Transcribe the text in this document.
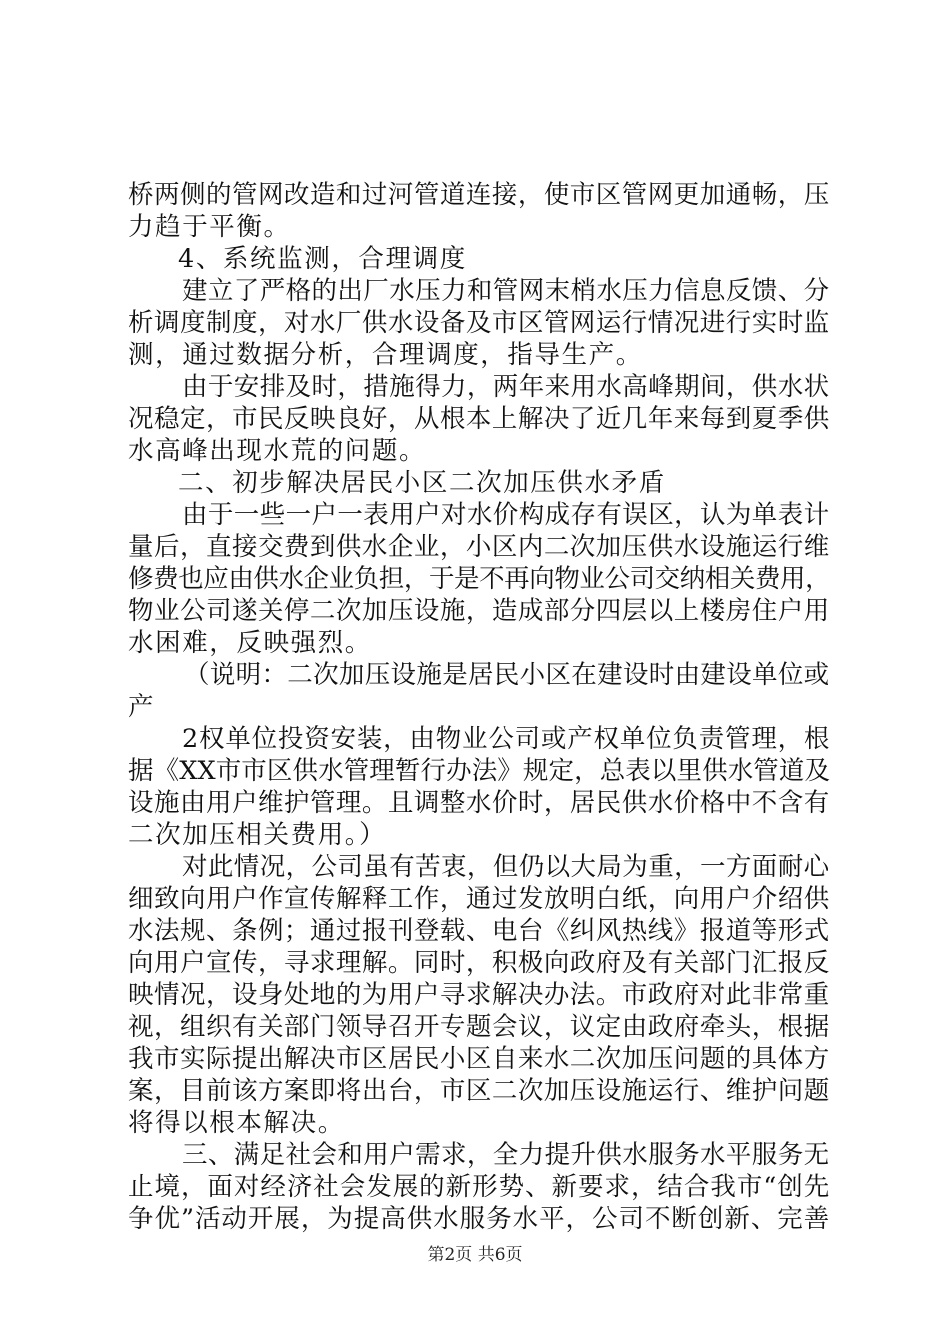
桥两侧的管网改造和过河管道连接，使市区管网更加通畅，压
力趋于平衡。
4、系统监测，合理调度
建立了严格的出厂水压力和管网末梢水压力信息反馈、分
析调度制度，对水厂供水设备及市区管网运行情况进行实时监
测，通过数据分析，合理调度，指导生产。
由于安排及时，措施得力，两年来用水高峰期间，供水状
况稳定，市民反映良好，从根本上解决了近几年来每到夏季供
水高峰出现水荒的问题。
二、初步解决居民小区二次加压供水矛盾
由于一些一户一表用户对水价构成存有误区，认为单表计
量后，直接交费到供水企业，小区内二次加压供水设施运行维
修费也应由供水企业负担，于是不再向物业公司交纳相关费用，
物业公司遂关停二次加压设施，造成部分四层以上楼房住户用
水困难，反映强烈。
（说明：二次加压设施是居民小区在建设时由建设单位或
产
2权单位投资安装，由物业公司或产权单位负责管理，根
据《XX市市区供水管理暂行办法》规定，总表以里供水管道及
设施由用户维护管理。且调整水价时，居民供水价格中不含有
二次加压相关费用。）
对此情况，公司虽有苦衷，但仍以大局为重，一方面耐心
细致向用户作宣传解释工作，通过发放明白纸，向用户介绍供
水法规、条例；通过报刊登载、电台《纠风热线》报道等形式
向用户宣传，寻求理解。同时，积极向政府及有关部门汇报反
映情况，设身处地的为用户寻求解决办法。市政府对此非常重
视，组织有关部门领导召开专题会议，议定由政府牵头，根据
我市实际提出解决市区居民小区自来水二次加压问题的具体方
案，目前该方案即将出台，市区二次加压设施运行、维护问题
将得以根本解决。
三、满足社会和用户需求，全力提升供水服务水平服务无
止境，面对经济社会发展的新形势、新要求，结合我市“创先
争优”活动开展，为提高供水服务水平，公司不断创新、完善
第2页 共6页
